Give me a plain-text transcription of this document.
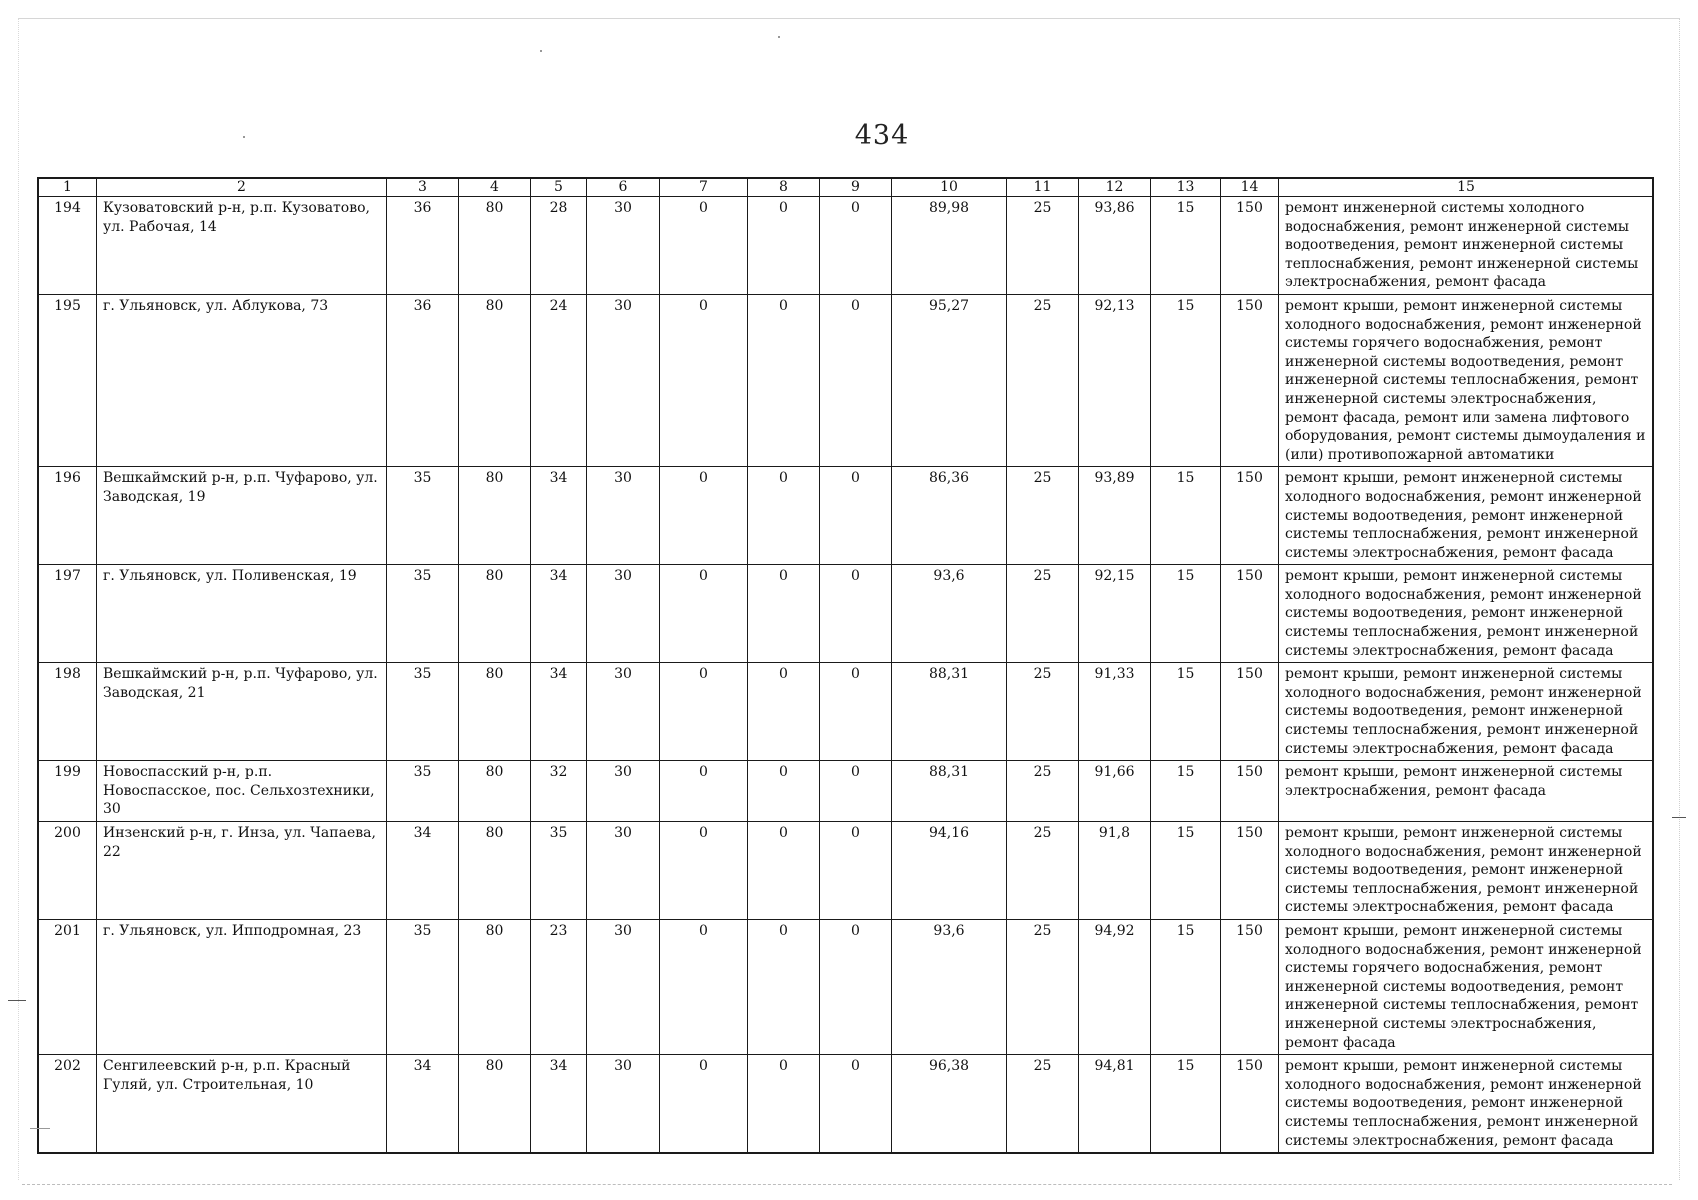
434
1	2	3	4	5	6	7	8	9	10	11	12	13	14	15
194	Кузоватовский р-н, р.п. Кузоватово, ул. Рабочая, 14	36	80	28	30	0	0	0	89,98	25	93,86	15	150	ремонт инженерной системы холодного водоснабжения, ремонт инженерной системы водоотведения, ремонт инженерной системы теплоснабжения, ремонт инженерной системы электроснабжения, ремонт фасада
195	г. Ульяновск, ул. Аблукова, 73	36	80	24	30	0	0	0	95,27	25	92,13	15	150	ремонт крыши, ремонт инженерной системы холодного водоснабжения, ремонт инженерной системы горячего водоснабжения, ремонт инженерной системы водоотведения, ремонт инженерной системы теплоснабжения, ремонт инженерной системы электроснабжения, ремонт фасада, ремонт или замена лифтового оборудования, ремонт системы дымоудаления и (или) противопожарной автоматики
196	Вешкаймский р-н, р.п. Чуфарово, ул. Заводская, 19	35	80	34	30	0	0	0	86,36	25	93,89	15	150	ремонт крыши, ремонт инженерной системы холодного водоснабжения, ремонт инженерной системы водоотведения, ремонт инженерной системы теплоснабжения, ремонт инженерной системы электроснабжения, ремонт фасада
197	г. Ульяновск, ул. Поливенская, 19	35	80	34	30	0	0	0	93,6	25	92,15	15	150	ремонт крыши, ремонт инженерной системы холодного водоснабжения, ремонт инженерной системы водоотведения, ремонт инженерной системы теплоснабжения, ремонт инженерной системы электроснабжения, ремонт фасада
198	Вешкаймский р-н, р.п. Чуфарово, ул. Заводская, 21	35	80	34	30	0	0	0	88,31	25	91,33	15	150	ремонт крыши, ремонт инженерной системы холодного водоснабжения, ремонт инженерной системы водоотведения, ремонт инженерной системы теплоснабжения, ремонт инженерной системы электроснабжения, ремонт фасада
199	Новоспасский р-н, р.п. Новоспасское, пос. Сельхозтехники, 30	35	80	32	30	0	0	0	88,31	25	91,66	15	150	ремонт крыши, ремонт инженерной системы электроснабжения, ремонт фасада
200	Инзенский р-н, г. Инза, ул. Чапаева, 22	34	80	35	30	0	0	0	94,16	25	91,8	15	150	ремонт крыши, ремонт инженерной системы холодного водоснабжения, ремонт инженерной системы водоотведения, ремонт инженерной системы теплоснабжения, ремонт инженерной системы электроснабжения, ремонт фасада
201	г. Ульяновск, ул. Ипподромная, 23	35	80	23	30	0	0	0	93,6	25	94,92	15	150	ремонт крыши, ремонт инженерной системы холодного водоснабжения, ремонт инженерной системы горячего водоснабжения, ремонт инженерной системы водоотведения, ремонт инженерной системы теплоснабжения, ремонт инженерной системы электроснабжения, ремонт фасада
202	Сенгилеевский р-н, р.п. Красный Гуляй, ул. Строительная, 10	34	80	34	30	0	0	0	96,38	25	94,81	15	150	ремонт крыши, ремонт инженерной системы холодного водоснабжения, ремонт инженерной системы водоотведения, ремонт инженерной системы теплоснабжения, ремонт инженерной системы электроснабжения, ремонт фасада
